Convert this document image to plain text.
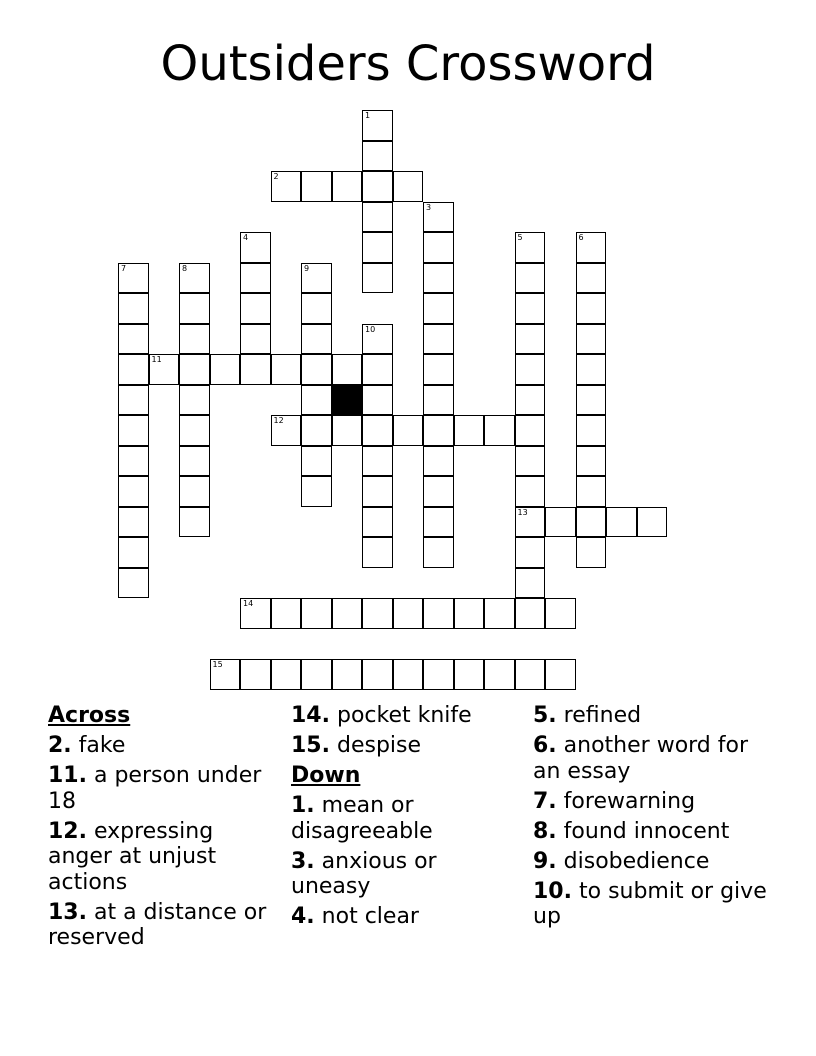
Outsiders Crossword
1
2
3
4	5
13
6
7	8	9
10
11
12
14
15
Across
2. fake
11. a person under 18
12. expressing anger at unjust actions
13. at a distance or reserved
14. pocket knife
15. despise
Down
1. mean or disagreeable
3. anxious or uneasy
4. not clear
5. refined
6. another word for an essay
7. forewarning
8. found innocent
9. disobedience
10. to submit or give up
